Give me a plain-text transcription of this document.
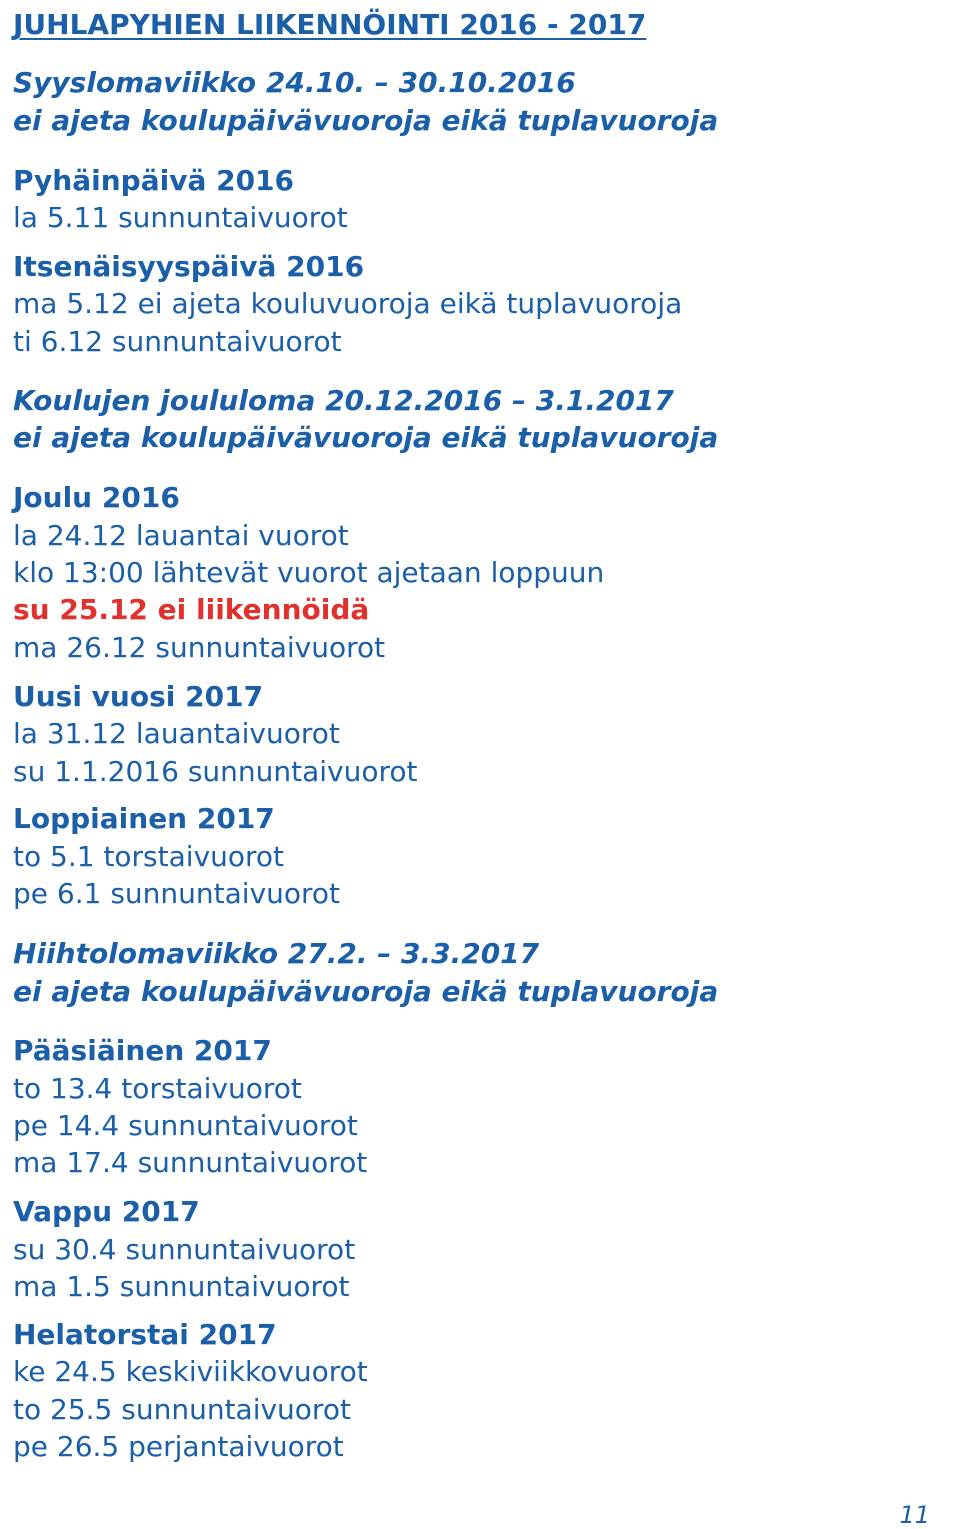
JUHLAPYHIEN LIIKENNÖINTI 2016 - 2017
Syyslomaviikko 24.10. – 30.10.2016
ei ajeta koulupäivävuoroja eikä tuplavuoroja
Pyhäinpäivä 2016
la 5.11 sunnuntaivuorot
Itsenäisyyspäivä 2016
ma 5.12 ei ajeta kouluvuoroja eikä tuplavuoroja
ti 6.12 sunnuntaivuorot
Koulujen joululoma 20.12.2016 – 3.1.2017
ei ajeta koulupäivävuoroja eikä tuplavuoroja
Joulu 2016
la 24.12 lauantai vuorot
klo 13:00 lähtevät vuorot ajetaan loppuun
su 25.12 ei liikennöidä
ma 26.12 sunnuntaivuorot
Uusi vuosi 2017
la 31.12 lauantaivuorot
su 1.1.2016 sunnuntaivuorot
Loppiainen 2017
to 5.1 torstaivuorot
pe 6.1 sunnuntaivuorot
Hiihtolomaviikko 27.2. – 3.3.2017
ei ajeta koulupäivävuoroja eikä tuplavuoroja
Pääsiäinen 2017
to 13.4 torstaivuorot
pe 14.4 sunnuntaivuorot
ma 17.4 sunnuntaivuorot
Vappu 2017
su 30.4 sunnuntaivuorot
ma 1.5 sunnuntaivuorot
Helatorstai 2017
ke 24.5 keskiviikkovuorot
to 25.5 sunnuntaivuorot
pe 26.5 perjantaivuorot
11
